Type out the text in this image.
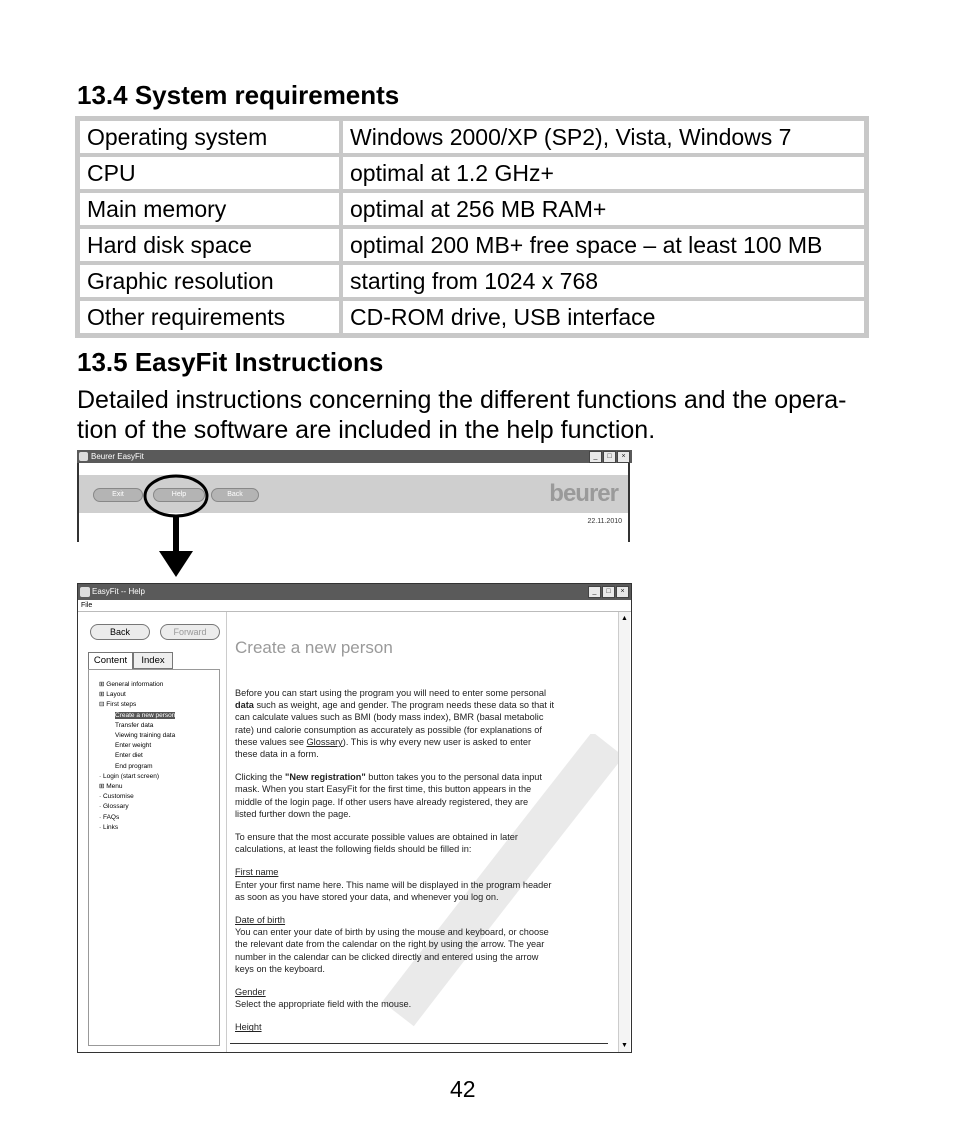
13.4 System requirements
Operating system	Windows 2000/XP (SP2), Vista, Windows 7
CPU	optimal at 1.2 GHz+
Main memory	optimal at 256 MB RAM+
Hard disk space	optimal 200 MB+ free space – at least 100 MB
Graphic resolution	starting from 1024 x 768
Other requirements	CD-ROM drive, USB interface
13.5 EasyFit Instructions
Detailed instructions concerning the different functions and the opera-
tion of the software are included in the help function.
Beurer EasyFit	_	□	×
Exit	Help	Back	beurer
22.11.2010
EasyFit -- Help	_	□	×
File
Back	Forward
Content	Index
⊞ General information
⊞ Layout
⊟ First steps
Create a new person
Transfer data
Viewing training data
Enter weight
Enter diet
End program
· Login (start screen)
⊞ Menu
· Customise
· Glossary
· FAQs
· Links
Create a new person

Before you can start using the program you will need to enter some personal
data such as weight, age and gender. The program needs these data so that it
can calculate values such as BMI (body mass index), BMR (basal metabolic
rate) und calorie consumption as accurately as possible (for explanations of
these values see Glossary). This is why every new user is asked to enter
these data in a form.

Clicking the "New registration" button takes you to the personal data input
mask. When you start EasyFit for the first time, this button appears in the
middle of the login page. If other users have already registered, they are
listed further down the page.

To ensure that the most accurate possible values are obtained in later
calculations, at least the following fields should be filled in:

First name
Enter your first name here. This name will be displayed in the program header
as soon as you have stored your data, and whenever you log on.

Date of birth
You can enter your date of birth by using the mouse and keyboard, or choose
the relevant date from the calendar on the right by using the arrow. The year
number in the calendar can be clicked directly and entered using the arrow
keys on the keyboard.

Gender
Select the appropriate field with the mouse.

Height

▲
▼
42
